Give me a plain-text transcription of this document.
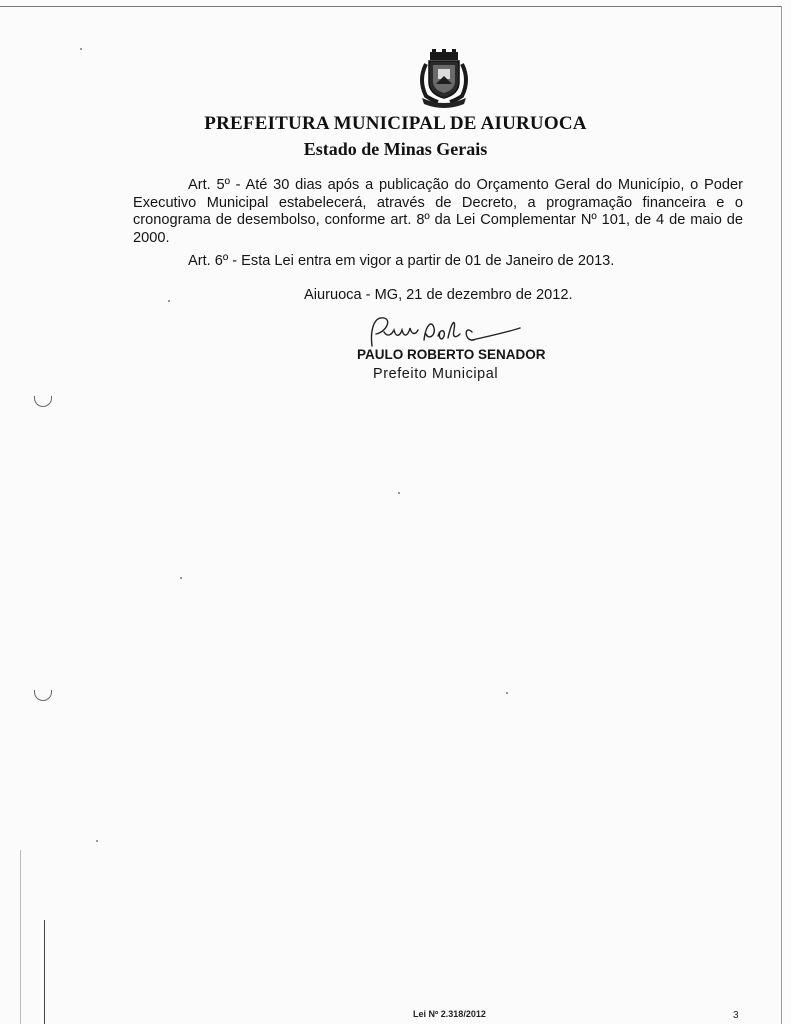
PREFEITURA MUNICIPAL DE AIURUOCA
Estado de Minas Gerais
Art. 5º - Até 30 dias após a publicação do Orçamento Geral do Município, o Poder Executivo Municipal estabelecerá, através de Decreto, a programação financeira e o cronograma de desembolso, conforme art. 8º da Lei Complementar Nº 101, de 4 de maio de 2000.
Art. 6º - Esta Lei entra em vigor a partir de 01 de Janeiro de 2013.
Aiuruoca - MG, 21 de dezembro de 2012.
PAULO ROBERTO SENADOR
Prefeito Municipal
Lei Nº 2.318/2012	3
